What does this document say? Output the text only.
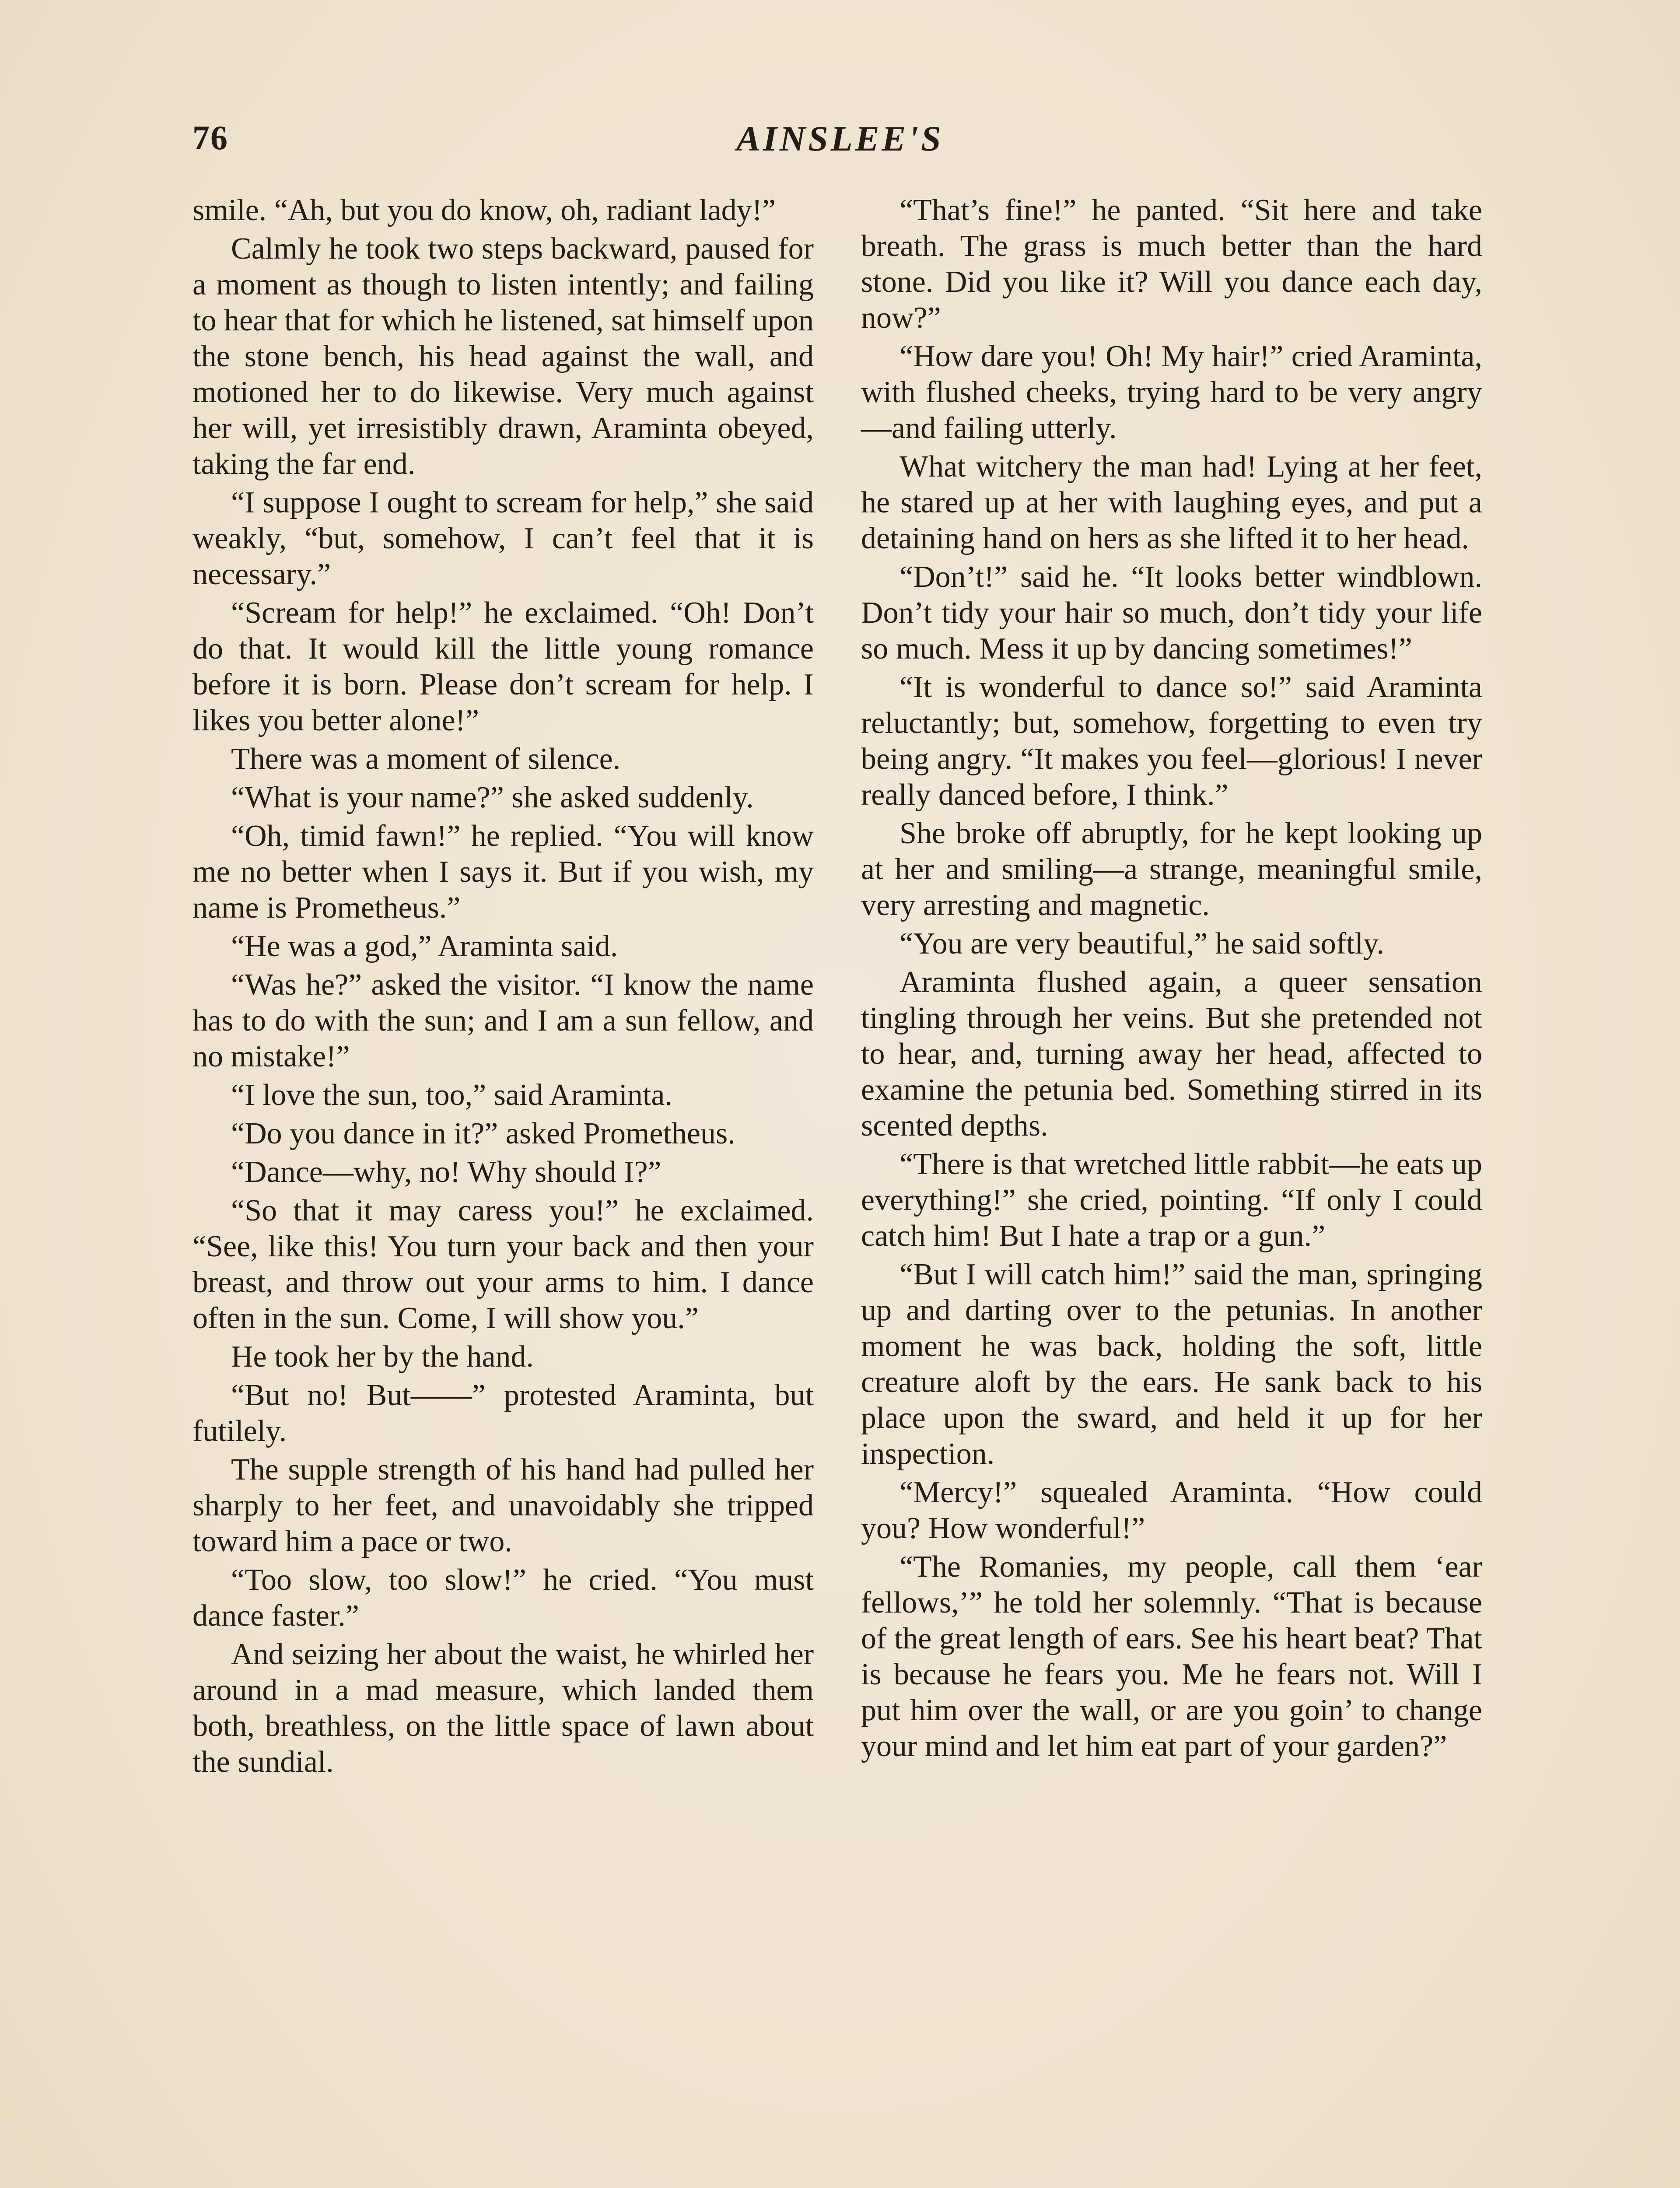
76	AINSLEE'S

smile. “Ah, but you do know, oh, radiant lady!”

Calmly he took two steps backward, paused for a moment as though to listen intently; and failing to hear that for which he listened, sat himself upon the stone bench, his head against the wall, and motioned her to do likewise. Very much against her will, yet irresistibly drawn, Araminta obeyed, taking the far end.

“I suppose I ought to scream for help,” she said weakly, “but, somehow, I can’t feel that it is necessary.”

“Scream for help!” he exclaimed. “Oh! Don’t do that. It would kill the little young romance before it is born. Please don’t scream for help. I likes you better alone!”

There was a moment of silence.

“What is your name?” she asked suddenly.

“Oh, timid fawn!” he replied. “You will know me no better when I says it. But if you wish, my name is Prometheus.”

“He was a god,” Araminta said.

“Was he?” asked the visitor. “I know the name has to do with the sun; and I am a sun fellow, and no mistake!”

“I love the sun, too,” said Araminta.

“Do you dance in it?” asked Prometheus.

“Dance—why, no! Why should I?”

“So that it may caress you!” he exclaimed. “See, like this! You turn your back and then your breast, and throw out your arms to him. I dance often in the sun. Come, I will show you.”

He took her by the hand.

“But no! But——” protested Araminta, but futilely.

The supple strength of his hand had pulled her sharply to her feet, and unavoidably she tripped toward him a pace or two.

“Too slow, too slow!” he cried. “You must dance faster.”

And seizing her about the waist, he whirled her around in a mad measure, which landed them both, breathless, on the little space of lawn about the sundial.

“That’s fine!” he panted. “Sit here and take breath. The grass is much better than the hard stone. Did you like it? Will you dance each day, now?”

“How dare you! Oh! My hair!” cried Araminta, with flushed cheeks, trying hard to be very angry—and failing utterly.

What witchery the man had! Lying at her feet, he stared up at her with laughing eyes, and put a detaining hand on hers as she lifted it to her head.

“Don’t!” said he. “It looks better windblown. Don’t tidy your hair so much, don’t tidy your life so much. Mess it up by dancing sometimes!”

“It is wonderful to dance so!” said Araminta reluctantly; but, somehow, forgetting to even try being angry. “It makes you feel—glorious! I never really danced before, I think.”

She broke off abruptly, for he kept looking up at her and smiling—a strange, meaningful smile, very arresting and magnetic.

“You are very beautiful,” he said softly.

Araminta flushed again, a queer sensation tingling through her veins. But she pretended not to hear, and, turning away her head, affected to examine the petunia bed. Something stirred in its scented depths.

“There is that wretched little rabbit—he eats up everything!” she cried, pointing. “If only I could catch him! But I hate a trap or a gun.”

“But I will catch him!” said the man, springing up and darting over to the petunias. In another moment he was back, holding the soft, little creature aloft by the ears. He sank back to his place upon the sward, and held it up for her inspection.

“Mercy!” squealed Araminta. “How could you? How wonderful!”

“The Romanies, my people, call them ‘ear fellows,’” he told her solemnly. “That is because of the great length of ears. See his heart beat? That is because he fears you. Me he fears not. Will I put him over the wall, or are you goin’ to change your mind and let him eat part of your garden?”
